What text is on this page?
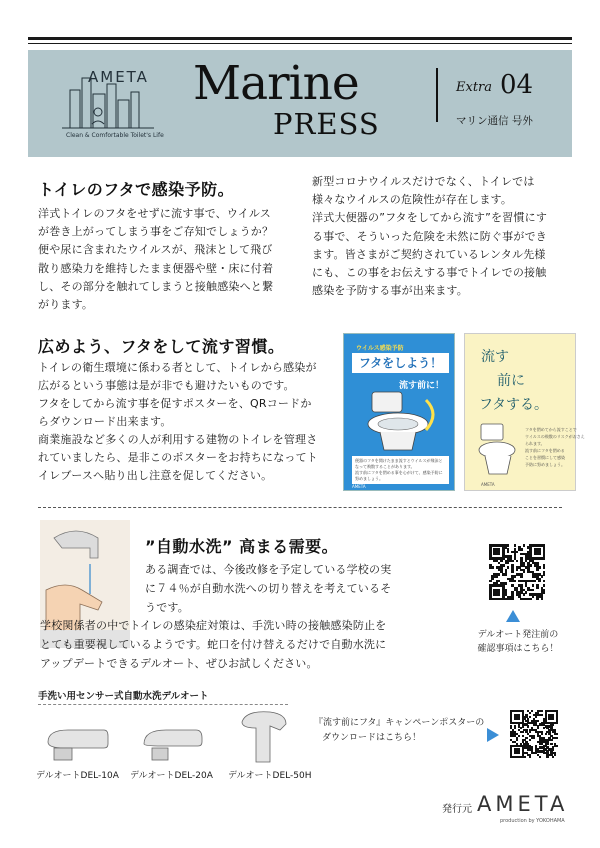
AMETA
Clean & Comfortable Toilet's Life
Marine
PRESS
Extra 04
マリン通信 号外
トイレのフタで感染予防。
洋式トイレのフタをせずに流す事で、ウイルス
が巻き上がってしまう事をご存知でしょうか？
便や尿に含まれたウイルスが、飛沫として飛び
散り感染力を維持したまま便器や壁・床に付着
し、その部分を触れてしまうと接触感染へと繋
がります。
新型コロナウイルスだけでなく、トイレでは
様々なウイルスの危険性が存在します。
洋式大便器の”フタをしてから流す”を習慣にす
る事で、そういった危険を未然に防ぐ事ができ
ます。皆さまがご契約されているレンタル先様
にも、この事をお伝えする事でトイレでの接触
感染を予防する事が出来ます。
広めよう、フタをして流す習慣。
トイレの衛生環境に係わる者として、トイレから感染が
広がるという事態は是が非でも避けたいものです。
フタをしてから流す事を促すポスターを、QRコードか
らダウンロード出来ます。
商業施設など多くの人が利用する建物のトイレを管理さ
れていましたら、是非このポスターをお持ちになってト
イレブースへ貼り出し注意を促してください。
ウイルス感染予防
フタをしよう！
流す前に！
便器のフタを開けたまま流すとウイルスが飛沫となって飛散することがあります。
流す前にフタを閉める事を心がけて、感染予防に努めましょう。
AMETA
流す
前に
フタする。
フタを閉めてから流すことで
ウイルスの飛散のリスクがおさえ
られます。
流す前にフタを閉める
ことを習慣にして感染
予防に努めましょう。
AMETA
”自動水洗” 高まる需要。
ある調査では、今後改修を予定している学校の実
に７４％が自動水洗への切り替えを考えているそ
うです。
学校関係者の中でトイレの感染症対策は、手洗い時の接触感染防止を
とても重要視しているようです。蛇口を付け替えるだけで自動水洗に
アップデートできるデルオート、ぜひお試しください。
デルオート発注前の
確認事項はこちら！
手洗い用センサー式自動水洗デルオート
デルオートDEL-10A デルオートDEL-20A デルオートDEL-50H
『流す前にフタ』キャンペーンポスターの
ダウンロードはこちら！
発行元 AMETA
production by YOKOHAMA
